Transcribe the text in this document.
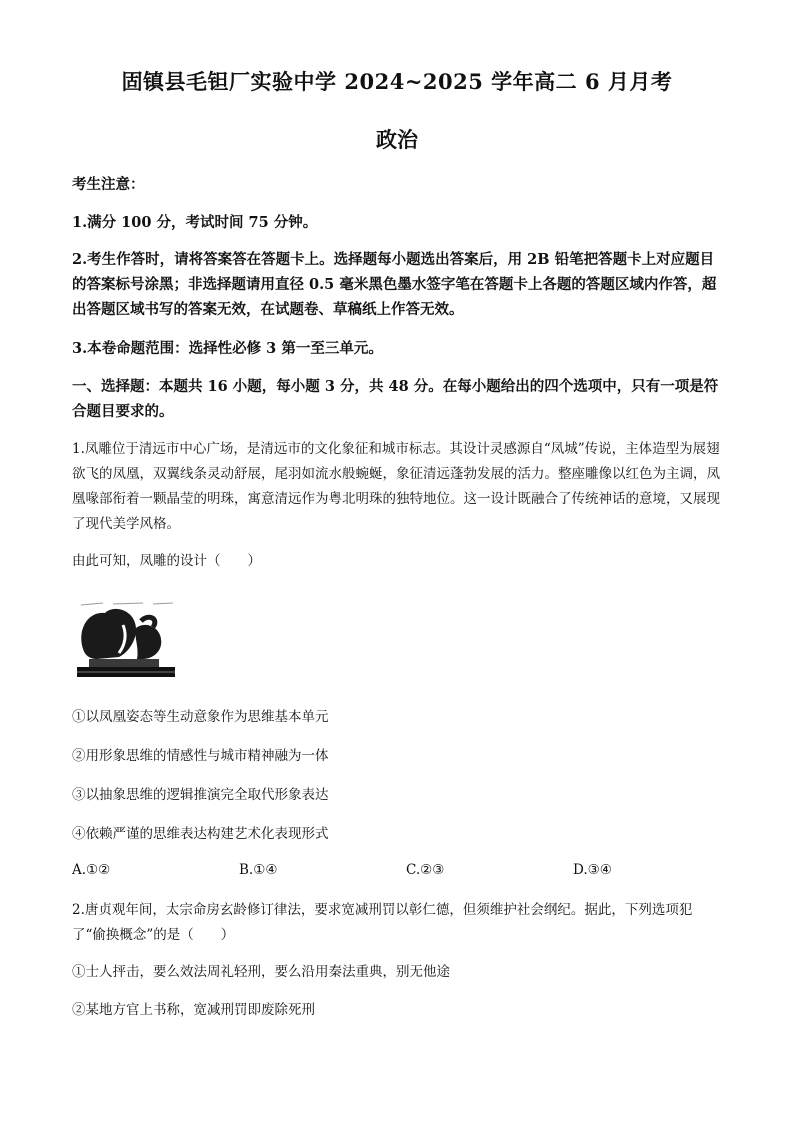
固镇县毛钽厂实验中学 2024~2025 学年高二 6 月月考
政治
考生注意：
1.满分 100 分，考试时间 75 分钟。
2.考生作答时，请将答案答在答题卡上。选择题每小题选出答案后，用 2B 铅笔把答题卡上对应题目的答案标号涂黑；非选择题请用直径 0.5 毫米黑色墨水签字笔在答题卡上各题的答题区域内作答，超出答题区域书写的答案无效，在试题卷、草稿纸上作答无效。
3.本卷命题范围：选择性必修 3 第一至三单元。
一、选择题：本题共 16 小题，每小题 3 分，共 48 分。在每小题给出的四个选项中，只有一项是符合题目要求的。
1.凤雕位于清远市中心广场，是清远市的文化象征和城市标志。其设计灵感源自“凤城”传说，主体造型为展翅欲飞的凤凰，双翼线条灵动舒展，尾羽如流水般蜿蜒，象征清远蓬勃发展的活力。整座雕像以红色为主调，凤凰喙部衔着一颗晶莹的明珠，寓意清远作为粤北明珠的独特地位。这一设计既融合了传统神话的意境，又展现了现代美学风格。
由此可知，凤雕的设计（　　）
①以凤凰姿态等生动意象作为思维基本单元
②用形象思维的情感性与城市精神融为一体
③以抽象思维的逻辑推演完全取代形象表达
④依赖严谨的思维表达构建艺术化表现形式
A.①②	B.①④	C.②③	D.③④
2.唐贞观年间，太宗命房玄龄修订律法，要求宽减刑罚以彰仁德，但须维护社会纲纪。据此，下列选项犯了“偷换概念”的是（　　）
①士人抨击，要么效法周礼轻刑，要么沿用秦法重典，别无他途
②某地方官上书称，宽减刑罚即废除死刑
